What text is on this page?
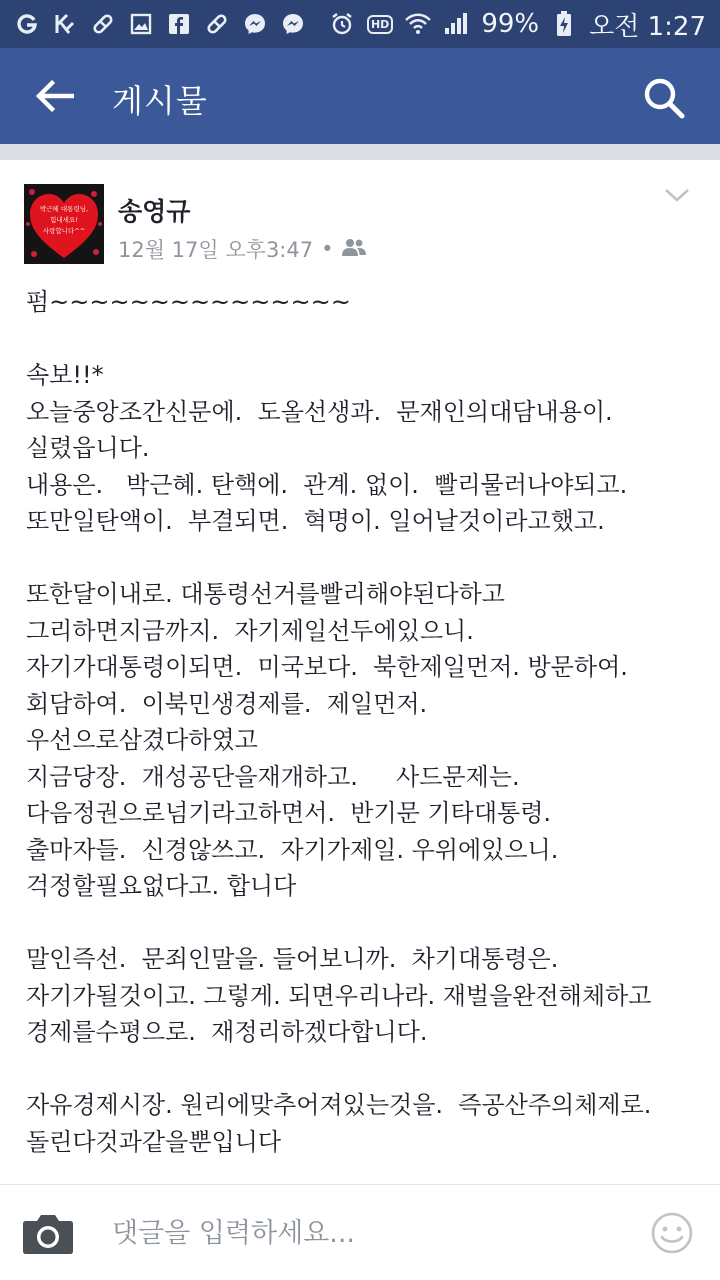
HD	99% 오전 1:27
게시물
박근혜 대통령님,
힘내세요!
사랑합니다^^
송영규
12월 17일 오후3:47 •
펌~~~~~~~~~~~~~~~
속보!!*
오늘중앙조간신문에.  도올선생과.  문재인의대담내용이.
실렸읍니다.
내용은.   박근혜. 탄핵에.  관계. 없이.  빨리물러나야되고.
또만일탄액이.  부결되면.  혁명이. 일어날것이라고했고.
또한달이내로. 대통령선거를빨리해야된다하고
그리하면지금까지.  자기제일선두에있으니.
자기가대통령이되면.  미국보다.  북한제일먼저. 방문하여.
회담하여.  이북민생경제를.  제일먼저.
우선으로삼겼다하였고
지금당장.  개성공단을재개하고.     사드문제는.
다음정권으로넘기라고하면서.  반기문 기타대통령.
출마자들.  신경않쓰고.  자기가제일. 우위에있으니.
걱정할필요없다고. 합니다
말인즉선.  문죄인말을. 들어보니까.  차기대통령은.
자기가될것이고. 그렇게. 되면우리나라. 재벌을완전해체하고
경제를수평으로.  재정리하겠다합니다.
자유경제시장. 원리에맞추어져있는것을.  즉공산주의체제로.
돌린다것과같을뿐입니다
댓글을 입력하세요...
